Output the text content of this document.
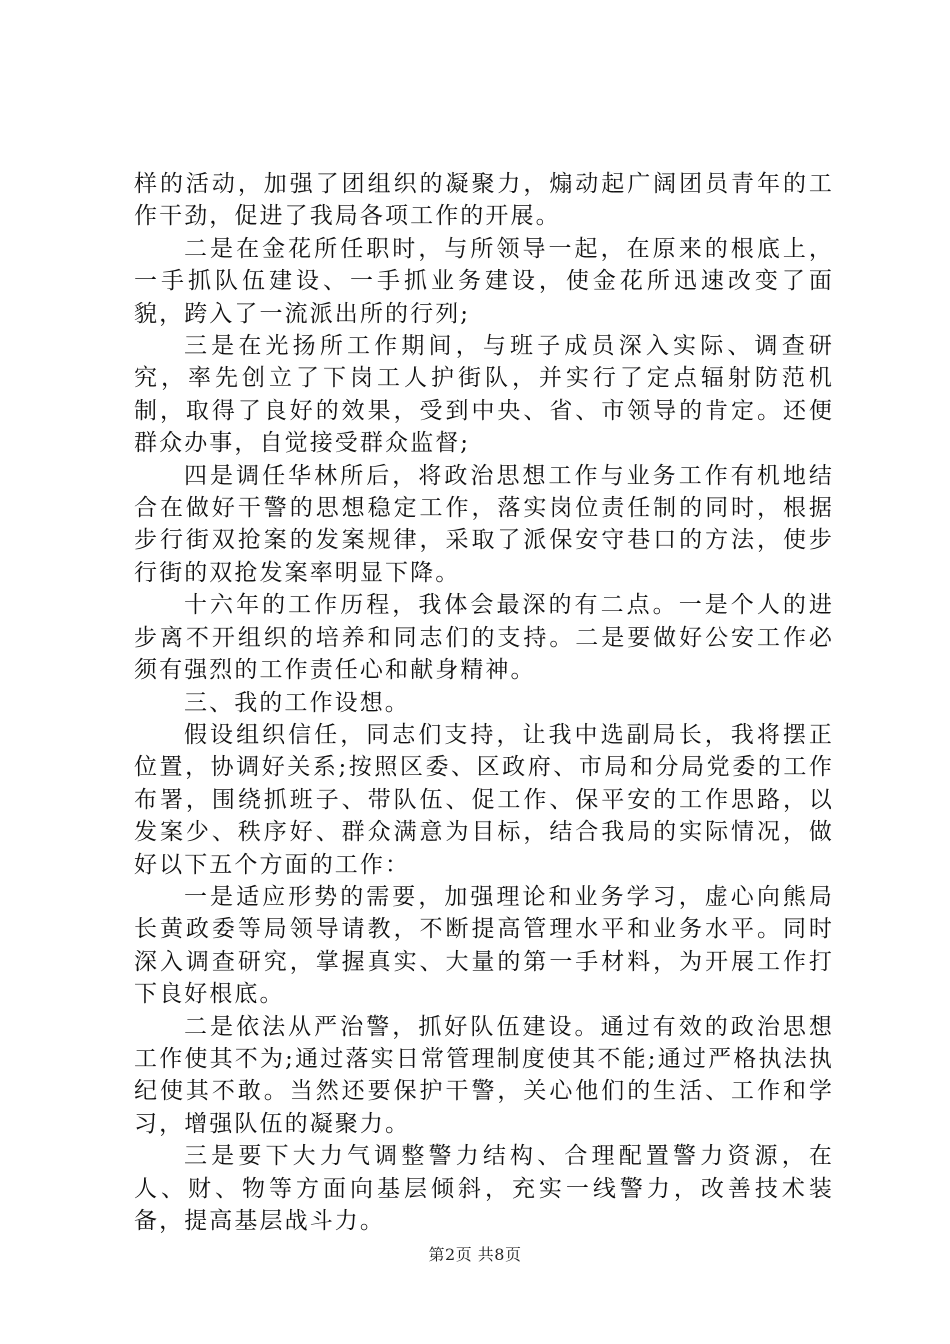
样的活动，加强了团组织的凝聚力，煽动起广阔团员青年的工作干劲，促进了我局各项工作的开展。

二是在金花所任职时，与所领导一起，在原来的根底上，一手抓队伍建设、一手抓业务建设，使金花所迅速改变了面貌，跨入了一流派出所的行列;

三是在光扬所工作期间，与班子成员深入实际、调查研究，率先创立了下岗工人护街队，并实行了定点辐射防范机制，取得了良好的效果，受到中央、省、市领导的肯定。还便群众办事，自觉接受群众监督;

四是调任华林所后，将政治思想工作与业务工作有机地结合在做好干警的思想稳定工作，落实岗位责任制的同时，根据步行街双抢案的发案规律，采取了派保安守巷口的方法，使步行街的双抢发案率明显下降。

十六年的工作历程，我体会最深的有二点。一是个人的进步离不开组织的培养和同志们的支持。二是要做好公安工作必须有强烈的工作责任心和献身精神。

三、我的工作设想。

假设组织信任，同志们支持，让我中选副局长，我将摆正位置，协调好关系;按照区委、区政府、市局和分局党委的工作布署，围绕抓班子、带队伍、促工作、保平安的工作思路，以发案少、秩序好、群众满意为目标，结合我局的实际情况，做好以下五个方面的工作：

一是适应形势的需要，加强理论和业务学习，虚心向熊局长黄政委等局领导请教，不断提高管理水平和业务水平。同时深入调查研究，掌握真实、大量的第一手材料，为开展工作打下良好根底。

二是依法从严治警，抓好队伍建设。通过有效的政治思想工作使其不为;通过落实日常管理制度使其不能;通过严格执法执纪使其不敢。当然还要保护干警，关心他们的生活、工作和学习，增强队伍的凝聚力。

三是要下大力气调整警力结构、合理配置警力资源，在人、财、物等方面向基层倾斜，充实一线警力，改善技术装备，提高基层战斗力。

第2页 共8页
